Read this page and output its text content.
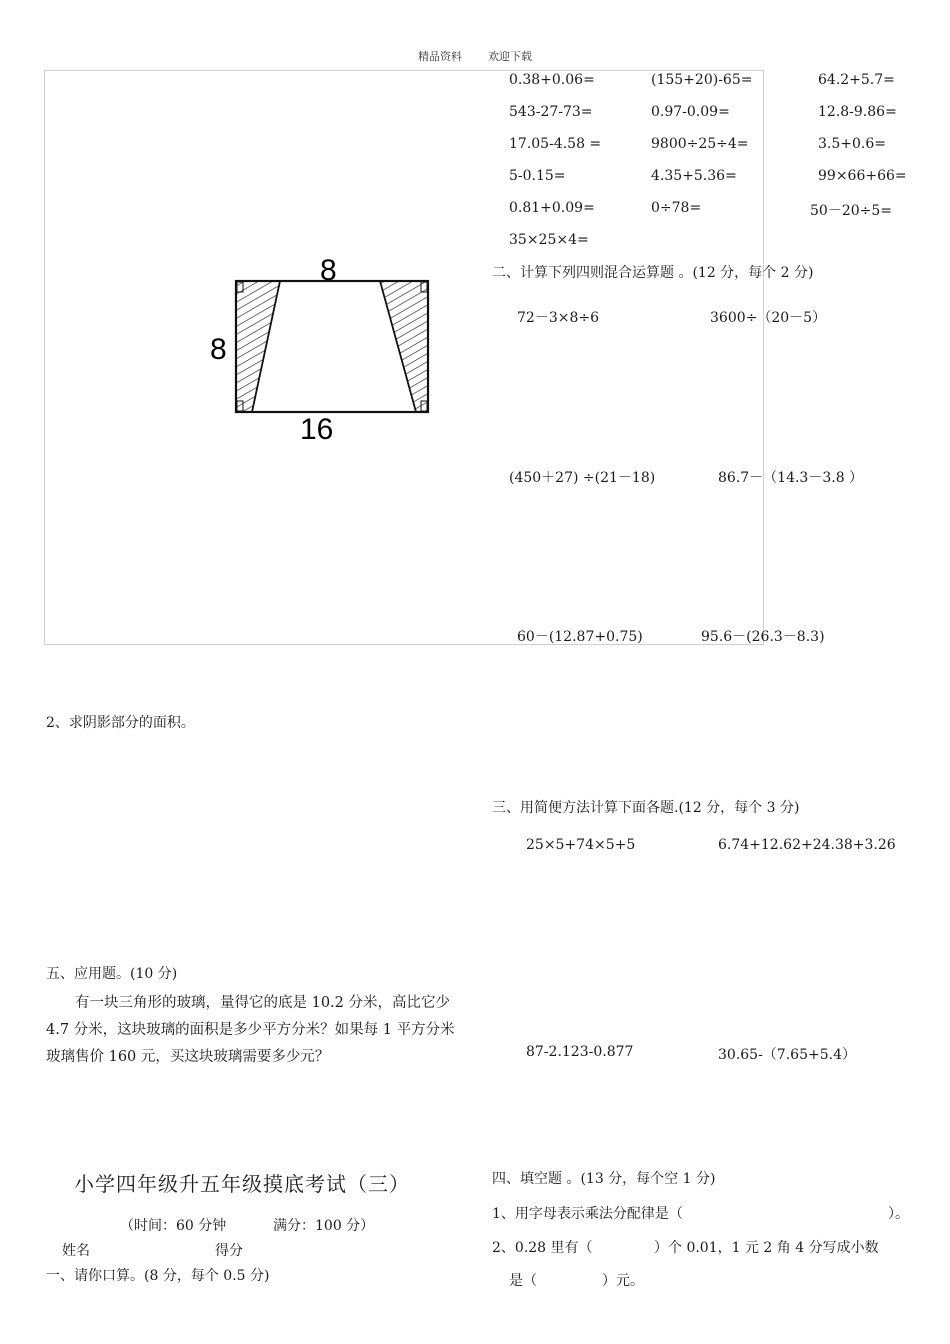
精品资料 欢迎下载
8
8
16
0.38+0.06=	(155+20)-65=	64.2+5.7=
543-27-73=	0.97-0.09=	12.8-9.86=
17.05-4.58 =	9800÷25÷4=	3.5+0.6=
5-0.15=	4.35+5.36=	99×66+66=
0.81+0.09=	0÷78=	50－20÷5=
35×25×4=
二、计算下列四则混合运算题 。(12 分，每个 2 分)
72－3×8÷6	3600÷（20－5）
(450＋27) ÷(21－18)	86.7－（14.3－3.8 ）
60－(12.87+0.75)	95.6－(26.3－8.3)
2、求阴影部分的面积。
三、用简便方法计算下面各题.(12 分，每个 3 分)
25×5+74×5+5	6.74+12.62+24.38+3.26
87-2.123-0.877	30.65-（7.65+5.4）
五、应用题。(10 分)
有一块三角形的玻璃，量得它的底是 10.2 分米，高比它少 4.7 分米，这块玻璃的面积是多少平方分米？如果每 1 平方分米玻璃售价 160 元，买这块玻璃需要多少元？
小学四年级升五年级摸底考试（三）
（时间：60 分钟	满分：100 分）
姓名	得分
一、请你口算。(8 分，每个 0.5 分)
四、填空题 。(13 分，每个空 1 分)
1、用字母表示乘法分配律是（	）。
2、0.28 里有（	）个 0.01，1 元 2 角 4 分写成小数
是（	）元。
